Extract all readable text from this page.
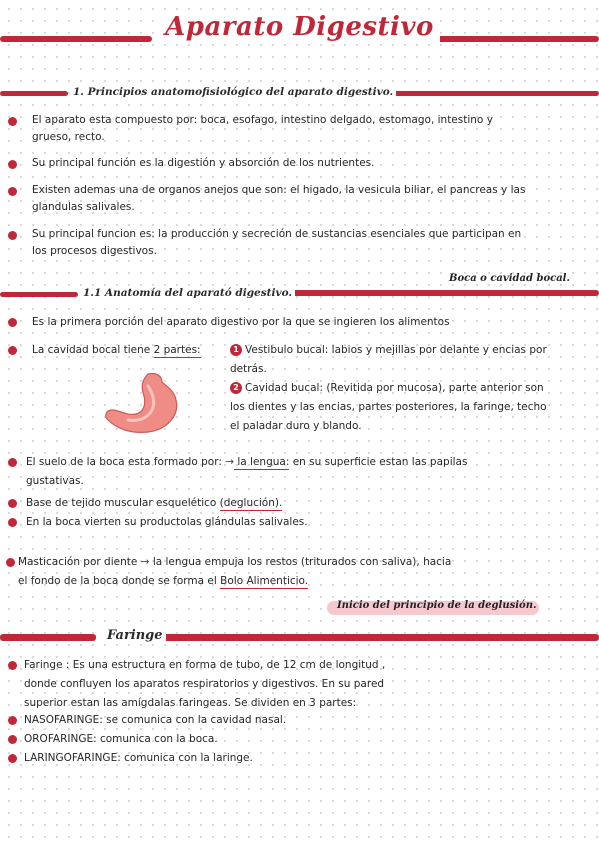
Aparato Digestivo
1. Principios anatomofisiológico del aparato digestivo.
El aparato esta compuesto por: boca, esofago, intestino delgado, estomago, intestino y
grueso, recto.
Su principal función es la digestión y absorción de los nutrientes.
Existen ademas una de organos anejos que son: el higado, la vesicula biliar, el pancreas y las
glandulas salivales.
Su principal funcion es: la producción y secreción de sustancias esenciales que participan en
los procesos digestivos.
Boca o cavidad bocal.
1.1 Anatomía del aparató digestivo.
Es la primera porción del aparato digestivo por la que se ingieren los alimentos
La cavidad bocal tiene 2 partes:	1 Vestibulo bucal: labios y mejillas por delante y encias por
detrás.
2 Cavidad bucal: (Revitida por mucosa), parte anterior son
los dientes y las encias, partes posteriores, la faringe, techo
el paladar duro y blando.
El suelo de la boca esta formado por: → la lengua: en su superficie estan las papilas
gustativas.
Base de tejido muscular esquelético (deglución).
En la boca vierten su productolas glándulas salivales.
Masticación por diente → la lengua empuja los restos (triturados con saliva), hacia
el fondo de la boca donde se forma el Bolo Alimenticio.
Inicio del principio de la deglusión.
Faringe
Faringe : Es una estructura en forma de tubo, de 12 cm de longitud ,
donde confluyen los aparatos respiratorios y digestivos. En su pared
superior estan las amígdalas faringeas. Se dividen en 3 partes:
NASOFARINGE: se comunica con la cavidad nasal.
OROFARINGE: comunica con la boca.
LARINGOFARINGE: comunica con la laringe.
